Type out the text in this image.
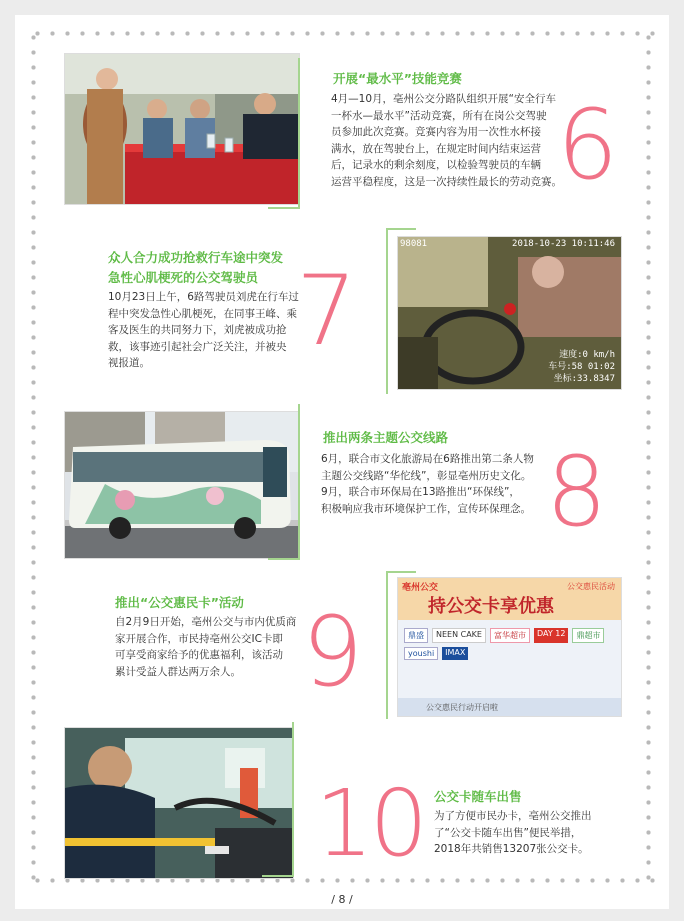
开展“最水平”技能竞赛
4月—10月，亳州公交分路队组织开展“安全行车
一杯水—最水平”活动竞赛，所有在岗公交驾驶
员参加此次竞赛。竞赛内容为用一次性水杯接
满水，放在驾驶台上，在规定时间内结束运营
后，记录水的剩余刻度，以检验驾驶员的车辆
运营平稳程度，这是一次持续性最长的劳动竞赛。
6
众人合力成功抢救行车途中突发
急性心肌梗死的公交驾驶员
10月23日上午，6路驾驶员刘虎在行车过
程中突发急性心肌梗死，在同事王峰、乘
客及医生的共同努力下，刘虎被成功抢
救，该事迹引起社会广泛关注，并被央
视报道。	7
98081	2018-10-23 10:11:46
速度:0 km/h
车号:58 01:02
坐标:33.8347
推出两条主题公交线路
6月，联合市文化旅游局在6路推出第二条人物
主题公交线路“华佗线”，彰显亳州历史文化。
9月，联合市环保局在13路推出“环保线”，
积极响应我市环境保护工作，宣传环保理念。 8
推出“公交惠民卡”活动
自2月9日开始，亳州公交与市内优质商
家开展合作，市民持亳州公交IC卡即
可享受商家给予的优惠福利，该活动
累计受益人群达两万余人。 9
亳州公交	公交惠民活动
持公交卡享优惠
鼎盛	NEEN CAKE	富华超市	DAY 12	鼎超市
youshi	IMAX
公交惠民行动开启啦
10 公交卡随车出售
为了方便市民办卡，亳州公交推出
了“公交卡随车出售”便民举措，
2018年共销售13207张公交卡。
/ 8 /
